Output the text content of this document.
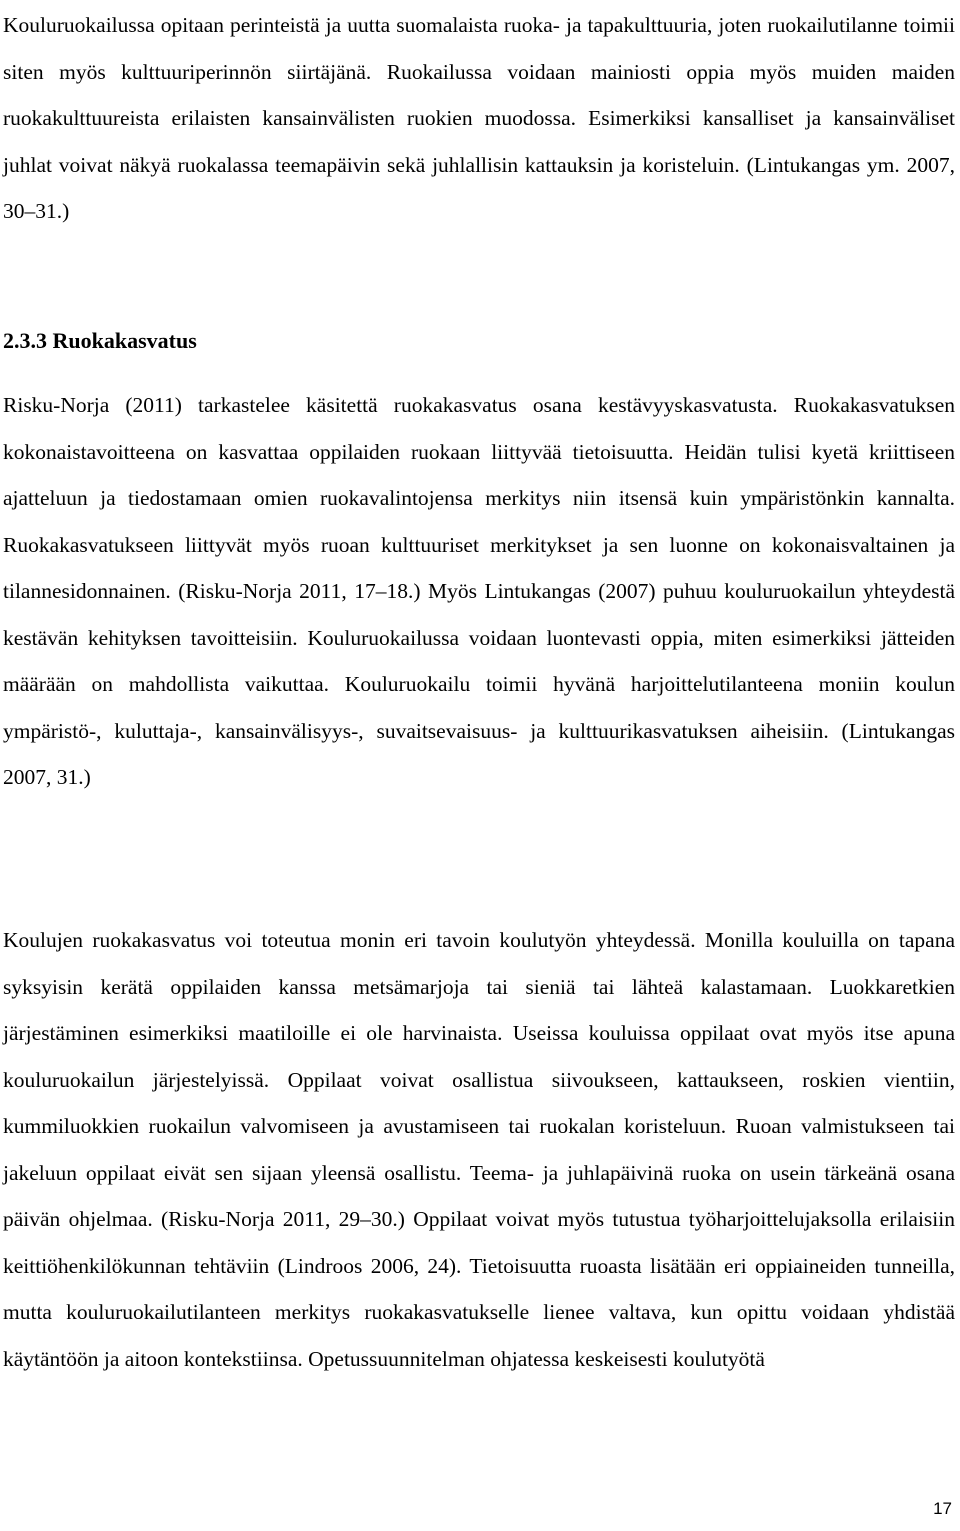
Kouluruokailussa opitaan perinteistä ja uutta suomalaista ruoka- ja tapakulttuuria, joten ruokailutilanne toimii siten myös kulttuuriperinnön siirtäjänä. Ruokailussa voidaan mainiosti oppia myös muiden maiden ruokakulttuureista erilaisten kansainvälisten ruokien muodossa. Esimerkiksi kansalliset ja kansainväliset juhlat voivat näkyä ruokalassa teemapäivin sekä juhlallisin kattauksin ja koristeluin. (Lintukangas ym. 2007, 30–31.)

2.3.3 Ruokakasvatus

Risku-Norja (2011) tarkastelee käsitettä ruokakasvatus osana kestävyyskasvatusta. Ruokakasvatuksen kokonaistavoitteena on kasvattaa oppilaiden ruokaan liittyvää tietoisuutta. Heidän tulisi kyetä kriittiseen ajatteluun ja tiedostamaan omien ruokavalintojensa merkitys niin itsensä kuin ympäristönkin kannalta. Ruokakasvatukseen liittyvät myös ruoan kulttuuriset merkitykset ja sen luonne on kokonaisvaltainen ja tilannesidonnainen. (Risku-Norja 2011, 17–18.) Myös Lintukangas (2007) puhuu kouluruokailun yhteydestä kestävän kehityksen tavoitteisiin. Kouluruokailussa voidaan luontevasti oppia, miten esimerkiksi jätteiden määrään on mahdollista vaikuttaa. Kouluruokailu toimii hyvänä harjoittelutilanteena moniin koulun ympäristö-, kuluttaja-, kansainvälisyys-, suvaitsevaisuus- ja kulttuurikasvatuksen aiheisiin. (Lintukangas 2007, 31.)

Koulujen ruokakasvatus voi toteutua monin eri tavoin koulutyön yhteydessä. Monilla kouluilla on tapana syksyisin kerätä oppilaiden kanssa metsämarjoja tai sieniä tai lähteä kalastamaan. Luokkaretkien järjestäminen esimerkiksi maatiloille ei ole harvinaista. Useissa kouluissa oppilaat ovat myös itse apuna kouluruokailun järjestelyissä. Oppilaat voivat osallistua siivoukseen, kattaukseen, roskien vientiin, kummiluokkien ruokailun valvomiseen ja avustamiseen tai ruokalan koristeluun. Ruoan valmistukseen tai jakeluun oppilaat eivät sen sijaan yleensä osallistu. Teema- ja juhlapäivinä ruoka on usein tärkeänä osana päivän ohjelmaa. (Risku-Norja 2011, 29–30.) Oppilaat voivat myös tutustua työharjoittelujaksolla erilaisiin keittiöhenkilökunnan tehtäviin (Lindroos 2006, 24). Tietoisuutta ruoasta lisätään eri oppiaineiden tunneilla, mutta kouluruokailutilanteen merkitys ruokakasvatukselle lienee valtava, kun opittu voidaan yhdistää käytäntöön ja aitoon kontekstiinsa. Opetussuunnitelman ohjatessa keskeisesti koulutyötä

17
